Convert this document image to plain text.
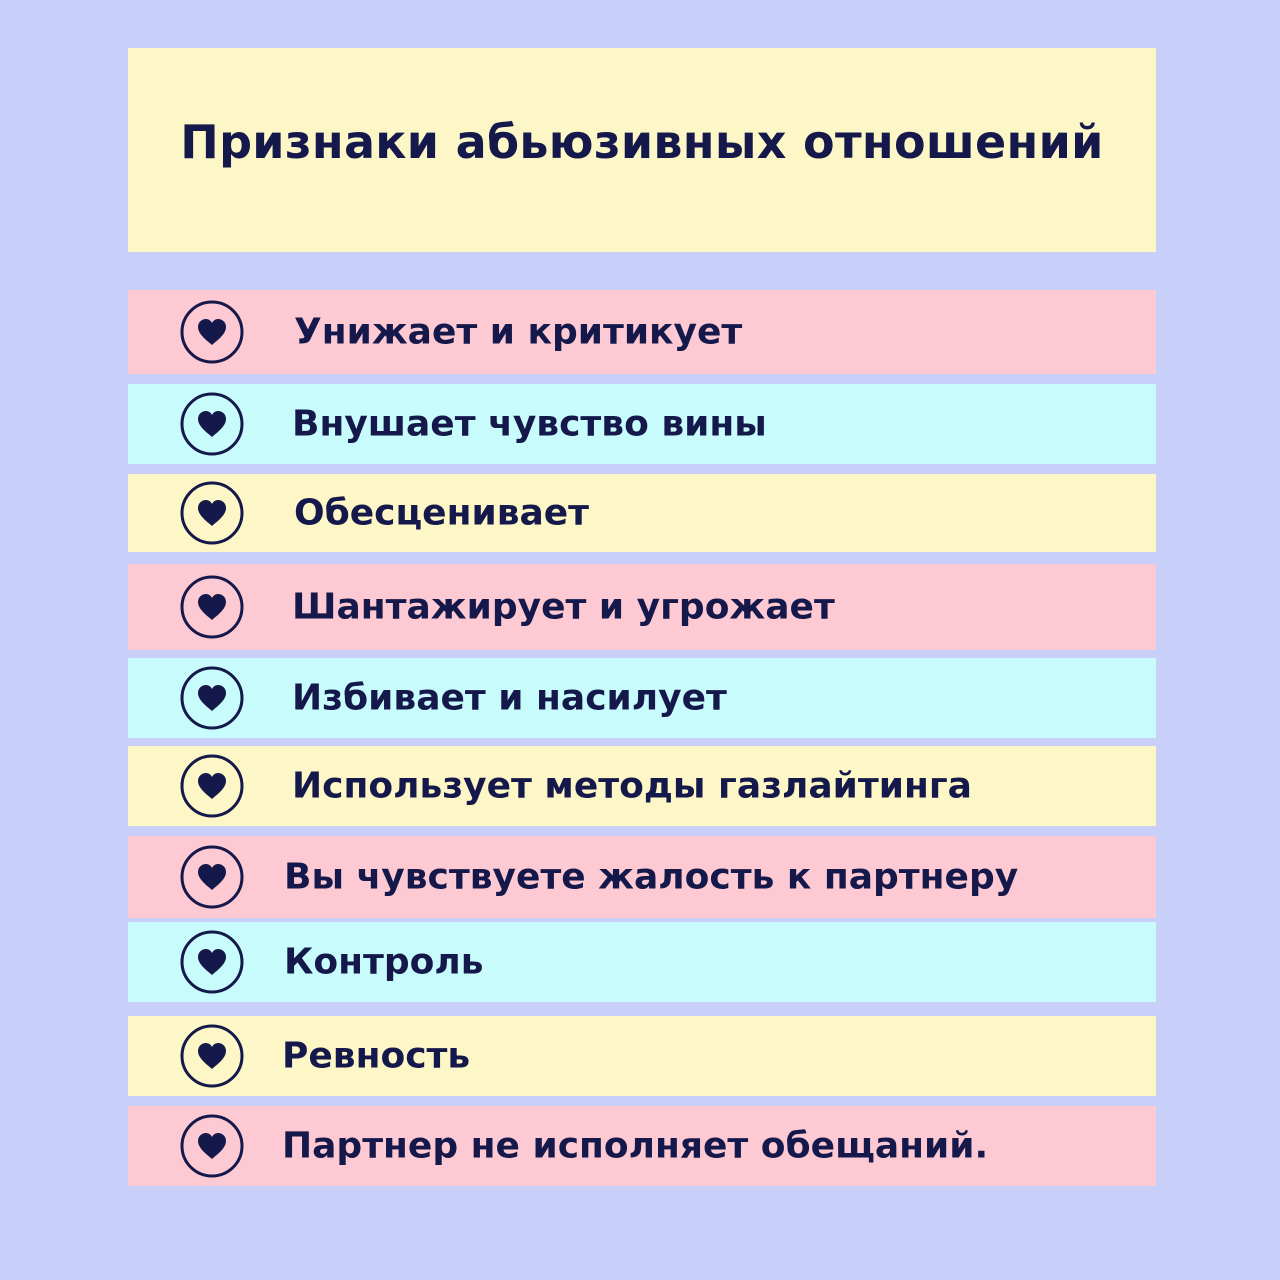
Признаки абьюзивных отношений
Унижает и критикует
Внушает чувство вины
Обесценивает
Шантажирует и угрожает
Избивает и насилует
Использует методы газлайтинга
Вы чувствуете жалость к партнеру
Контроль
Ревность
Партнер не исполняет обещаний.
